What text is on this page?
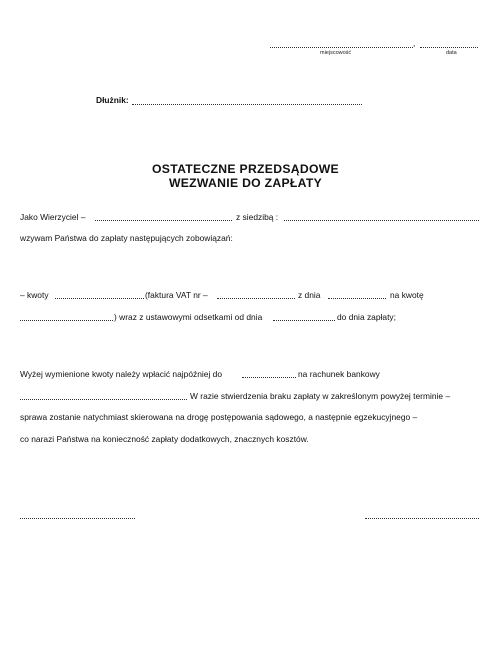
,
miejscowość	data
Dłużnik:
OSTATECZNE PRZEDSĄDOWE
WEZWANIE DO ZAPŁATY
Jako Wierzyciel –	z siedzibą :
wzywam Państwa do zapłaty następujących zobowiązań:
– kwoty	(faktura VAT nr –	z dnia	na kwotę
) wraz z ustawowymi odsetkami od dnia	do dnia zapłaty;
Wyżej wymienione kwoty należy wpłacić najpóźniej do	na rachunek bankowy
W razie stwierdzenia braku zapłaty w zakreślonym powyżej terminie –
sprawa zostanie natychmiast skierowana na drogę postępowania sądowego, a następnie egzekucyjnego –
co narazi Państwa na konieczność zapłaty dodatkowych, znacznych kosztów.
